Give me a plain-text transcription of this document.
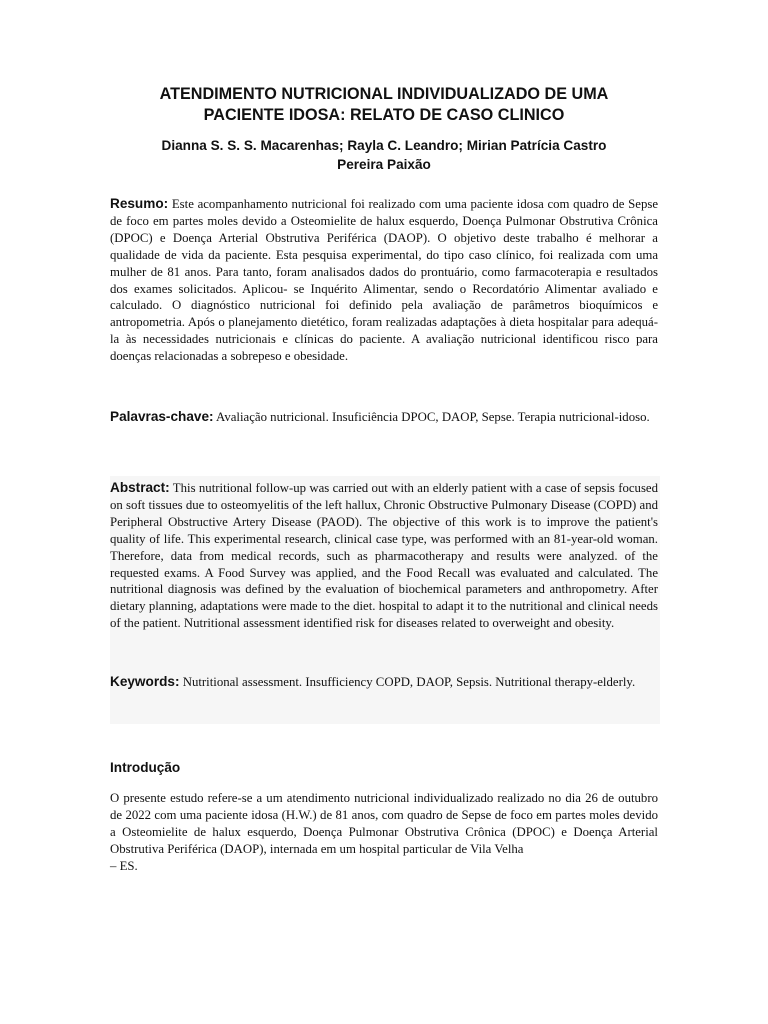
ATENDIMENTO NUTRICIONAL INDIVIDUALIZADO DE UMA
PACIENTE IDOSA: RELATO DE CASO CLINICO

Dianna S. S. S. Macarenhas; Rayla C. Leandro; Mirian Patrícia Castro
Pereira Paixão

Resumo: Este acompanhamento nutricional foi realizado com uma paciente idosa com quadro de Sepse de foco em partes moles devido a Osteomielite de halux esquerdo, Doença Pulmonar Obstrutiva Crônica (DPOC) e Doença Arterial Obstrutiva Periférica (DAOP). O objetivo deste trabalho é melhorar a qualidade de vida da paciente. Esta pesquisa experimental, do tipo caso clínico, foi realizada com uma mulher de 81 anos. Para tanto, foram analisados dados do prontuário, como farmacoterapia e resultados dos exames solicitados. Aplicou- se Inquérito Alimentar, sendo o Recordatório Alimentar avaliado e calculado. O diagnóstico nutricional foi definido pela avaliação de parâmetros bioquímicos e antropometria. Após o planejamento dietético, foram realizadas adaptações à dieta hospitalar para adequá-la às necessidades nutricionais e clínicas do paciente. A avaliação nutricional identificou risco para doenças relacionadas a sobrepeso e obesidade.

Palavras-chave: Avaliação nutricional. Insuficiência DPOC, DAOP, Sepse. Terapia nutricional-idoso.

Abstract: This nutritional follow-up was carried out with an elderly patient with a case of sepsis focused on soft tissues due to osteomyelitis of the left hallux, Chronic Obstructive Pulmonary Disease (COPD) and Peripheral Obstructive Artery Disease (PAOD). The objective of this work is to improve the patient's quality of life. This experimental research, clinical case type, was performed with an 81-year-old woman. Therefore, data from medical records, such as pharmacotherapy and results were analyzed. of the requested exams. A Food Survey was applied, and the Food Recall was evaluated and calculated. The nutritional diagnosis was defined by the evaluation of biochemical parameters and anthropometry. After dietary planning, adaptations were made to the diet. hospital to adapt it to the nutritional and clinical needs of the patient. Nutritional assessment identified risk for diseases related to overweight and obesity.

Keywords: Nutritional assessment. Insufficiency COPD, DAOP, Sepsis. Nutritional therapy-elderly.

Introdução

O presente estudo refere-se a um atendimento nutricional individualizado realizado no dia 26 de outubro de 2022 com uma paciente idosa (H.W.) de 81 anos, com quadro de Sepse de foco em partes moles devido a Osteomielite de halux esquerdo, Doença Pulmonar Obstrutiva Crônica (DPOC) e Doença Arterial Obstrutiva Periférica (DAOP), internada em um hospital particular de Vila Velha
– ES.
